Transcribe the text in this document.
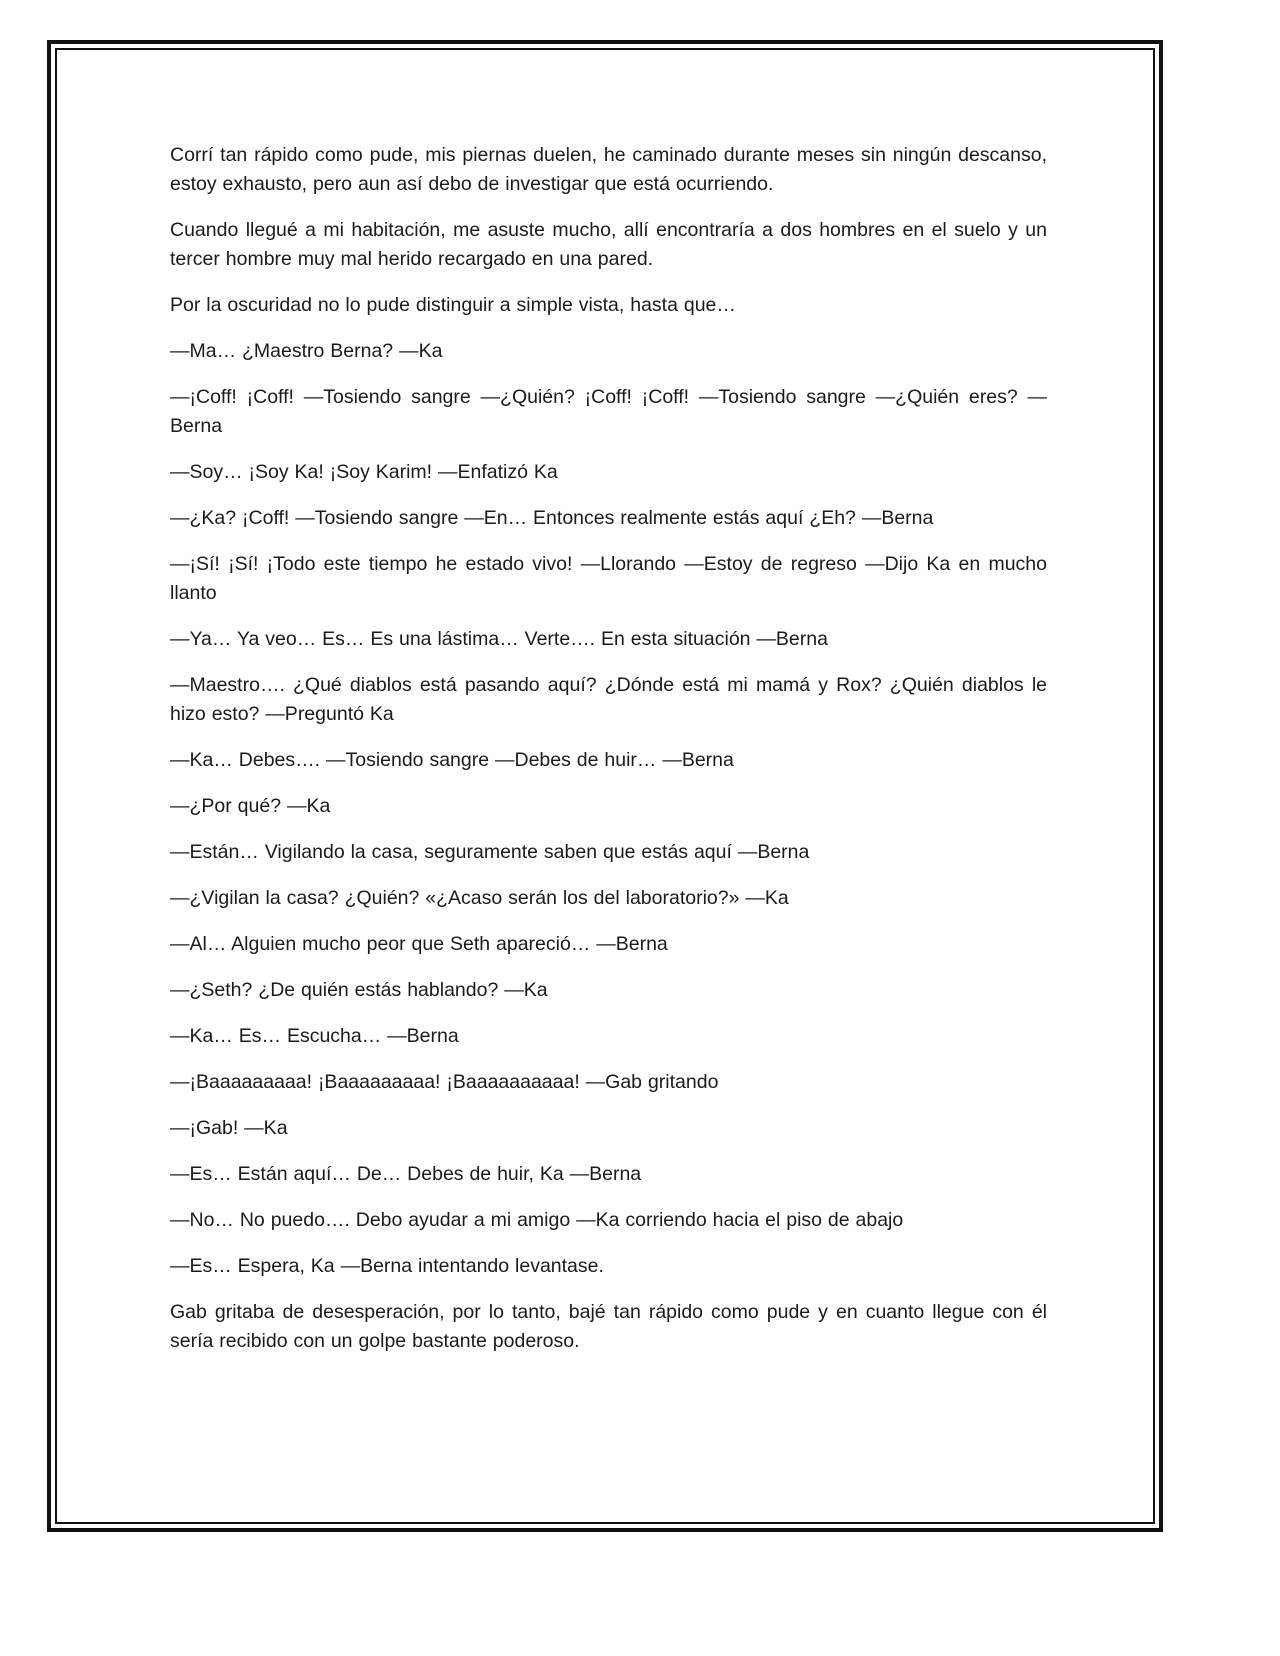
Corrí tan rápido como pude, mis piernas duelen, he caminado durante meses sin ningún descanso, estoy exhausto, pero aun así debo de investigar que está ocurriendo.

Cuando llegué a mi habitación, me asuste mucho, allí encontraría a dos hombres en el suelo y un tercer hombre muy mal herido recargado en una pared.

Por la oscuridad no lo pude distinguir a simple vista, hasta que…

—Ma… ¿Maestro Berna? —Ka

—¡Coff! ¡Coff! —Tosiendo sangre —¿Quién? ¡Coff! ¡Coff! —Tosiendo sangre —¿Quién eres? —Berna

—Soy… ¡Soy Ka! ¡Soy Karim! —Enfatizó Ka

—¿Ka? ¡Coff! —Tosiendo sangre —En… Entonces realmente estás aquí ¿Eh? —Berna

—¡Sí! ¡Sí! ¡Todo este tiempo he estado vivo! —Llorando —Estoy de regreso —Dijo Ka en mucho llanto

—Ya… Ya veo… Es… Es una lástima… Verte…. En esta situación —Berna

—Maestro…. ¿Qué diablos está pasando aquí? ¿Dónde está mi mamá y Rox? ¿Quién diablos le hizo esto? —Preguntó Ka

—Ka… Debes…. —Tosiendo sangre —Debes de huir… —Berna

—¿Por qué? —Ka

—Están… Vigilando la casa, seguramente saben que estás aquí —Berna

—¿Vigilan la casa? ¿Quién? «¿Acaso serán los del laboratorio?» —Ka

—Al… Alguien mucho peor que Seth apareció… —Berna

—¿Seth? ¿De quién estás hablando? —Ka

—Ka… Es… Escucha… —Berna

—¡Baaaaaaaaa! ¡Baaaaaaaaa! ¡Baaaaaaaaaa! —Gab gritando

—¡Gab! —Ka

—Es… Están aquí… De… Debes de huir, Ka —Berna

—No… No puedo…. Debo ayudar a mi amigo —Ka corriendo hacia el piso de abajo

—Es… Espera, Ka —Berna intentando levantase.

Gab gritaba de desesperación, por lo tanto, bajé tan rápido como pude y en cuanto llegue con él sería recibido con un golpe bastante poderoso.
